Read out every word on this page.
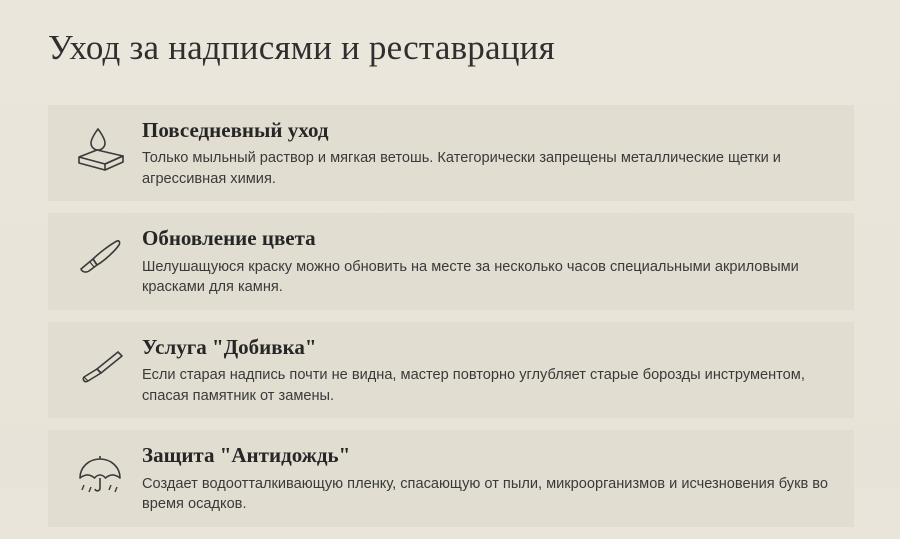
Уход за надписями и реставрация
Повседневный уход
Только мыльный раствор и мягкая ветошь. Категорически запрещены металлические щетки и агрессивная химия.
Обновление цвета
Шелушащуюся краску можно обновить на месте за несколько часов специальными акриловыми красками для камня.
Услуга "Добивка"
Если старая надпись почти не видна, мастер повторно углубляет старые борозды инструментом, спасая памятник от замены.
Защита "Антидождь"
Создает водоотталкивающую пленку, спасающую от пыли, микроорганизмов и исчезновения букв во время осадков.
